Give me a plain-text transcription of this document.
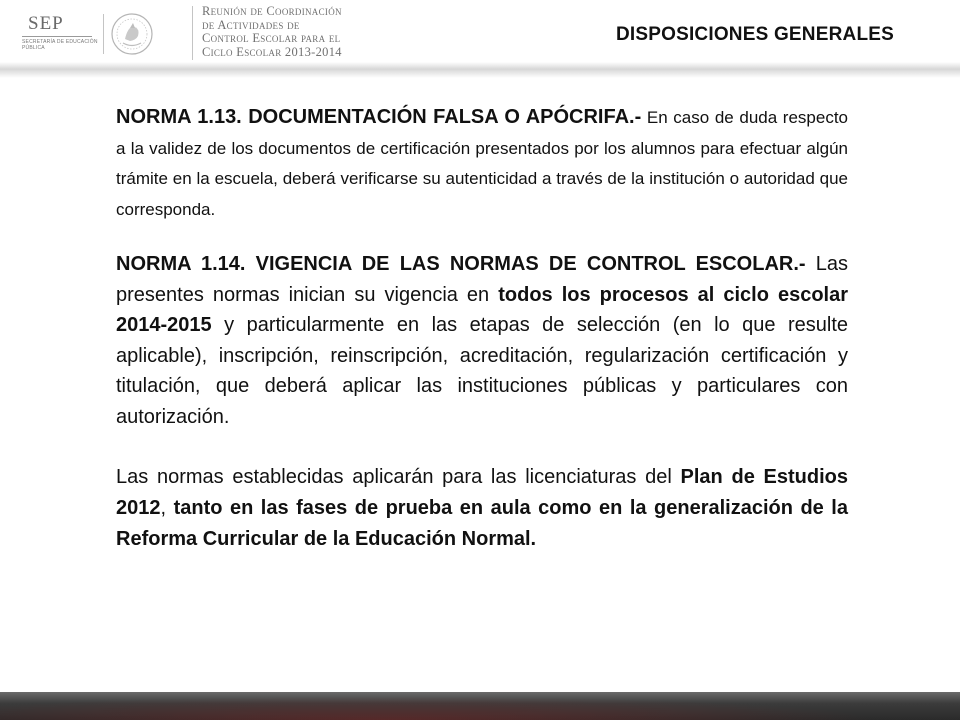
SEP
SECRETARÍA DE EDUCACIÓN PÚBLICA
Reunión de Coordinación
de Actividades de
Control Escolar para el
Ciclo Escolar 2013-2014
DISPOSICIONES GENERALES

NORMA 1.13. DOCUMENTACIÓN FALSA O APÓCRIFA.- En caso de duda respecto a la validez de los documentos de certificación presentados por los alumnos para efectuar algún trámite en la escuela, deberá verificarse su autenticidad a través de la institución o autoridad que corresponda.

NORMA 1.14. VIGENCIA DE LAS NORMAS DE CONTROL ESCOLAR.- Las presentes normas inician su vigencia en todos los procesos al ciclo escolar 2014-2015 y particularmente en las etapas de selección (en lo que resulte aplicable), inscripción, reinscripción, acreditación, regularización certificación y titulación, que deberá aplicar las instituciones públicas y particulares con autorización.

Las normas establecidas aplicarán para las licenciaturas del Plan de Estudios 2012, tanto en las fases de prueba en aula como en la generalización de la Reforma Curricular de la Educación Normal.
